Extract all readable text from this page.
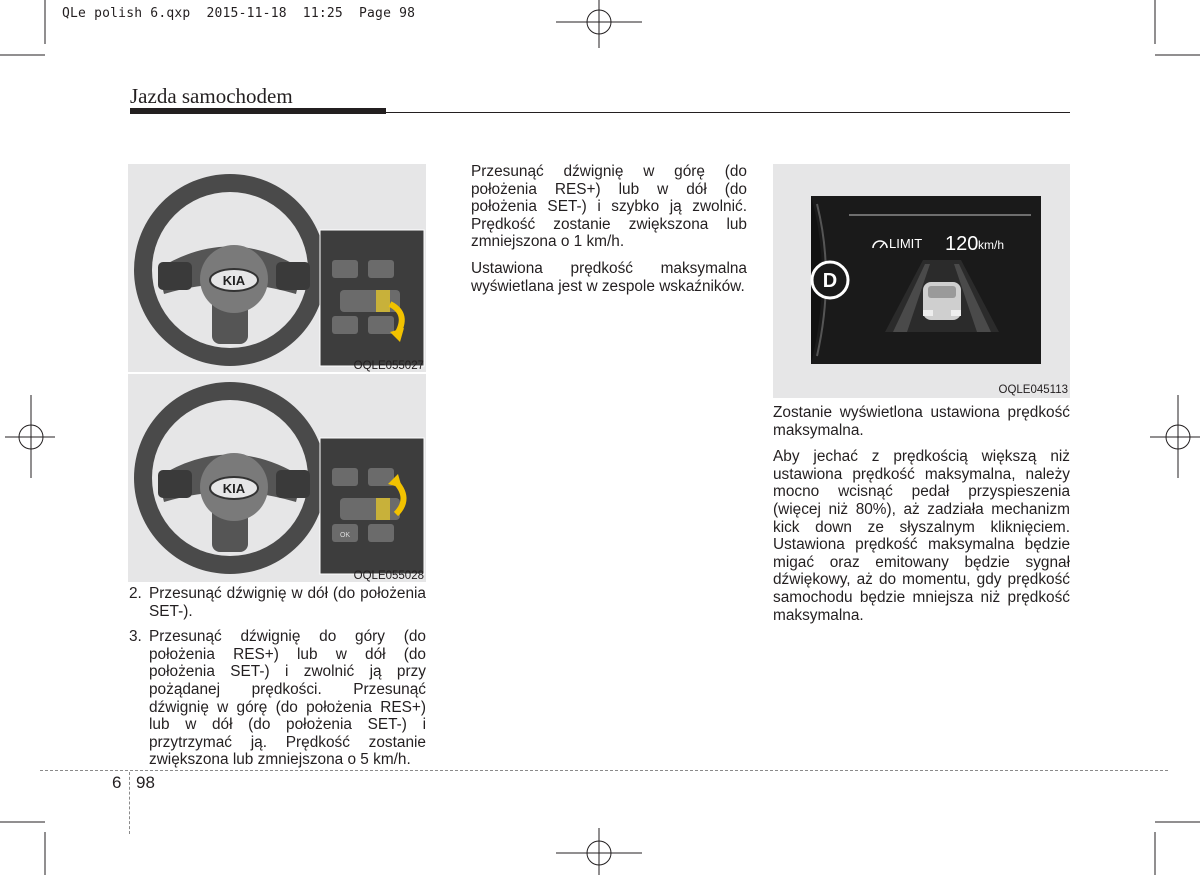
QLe polish 6.qxp  2015-11-18  11:25  Page 98
Jazda samochodem
KIA
OQLE055027
KIA
OK
OQLE055028
2. Przesunąć dźwignię w dół (do położenia SET-).
3. Przesunąć dźwignię do góry (do położenia RES+) lub w dół (do położenia SET-) i zwolnić ją przy pożądanej prędkości. Przesunąć dźwignię w górę (do położenia RES+) lub w dół (do położenia SET-) i przytrzymać ją. Prędkość zostanie zwiększona lub zmniejszona o 5 km/h.

Przesunąć dźwignię w górę (do położenia RES+) lub w dół (do położenia SET-) i szybko ją zwolnić. Prędkość zostanie zwiększona lub zmniejszona o 1 km/h.

Ustawiona prędkość maksymalna wyświetlana jest w zespole wskaźników.	D
LIMIT 120 km/h
OQLE045113

Zostanie wyświetlona ustawiona prędkość maksymalna.

Aby jechać z prędkością większą niż ustawiona prędkość maksymalna, należy mocno wcisnąć pedał przyspieszenia (więcej niż 80%), aż zadziała mechanizm kick down ze słyszalnym kliknięciem. Ustawiona prędkość maksymalna będzie migać oraz emitowany będzie sygnał dźwiękowy, aż do momentu, gdy prędkość samochodu będzie mniejsza niż prędkość maksymalna.

6 98
